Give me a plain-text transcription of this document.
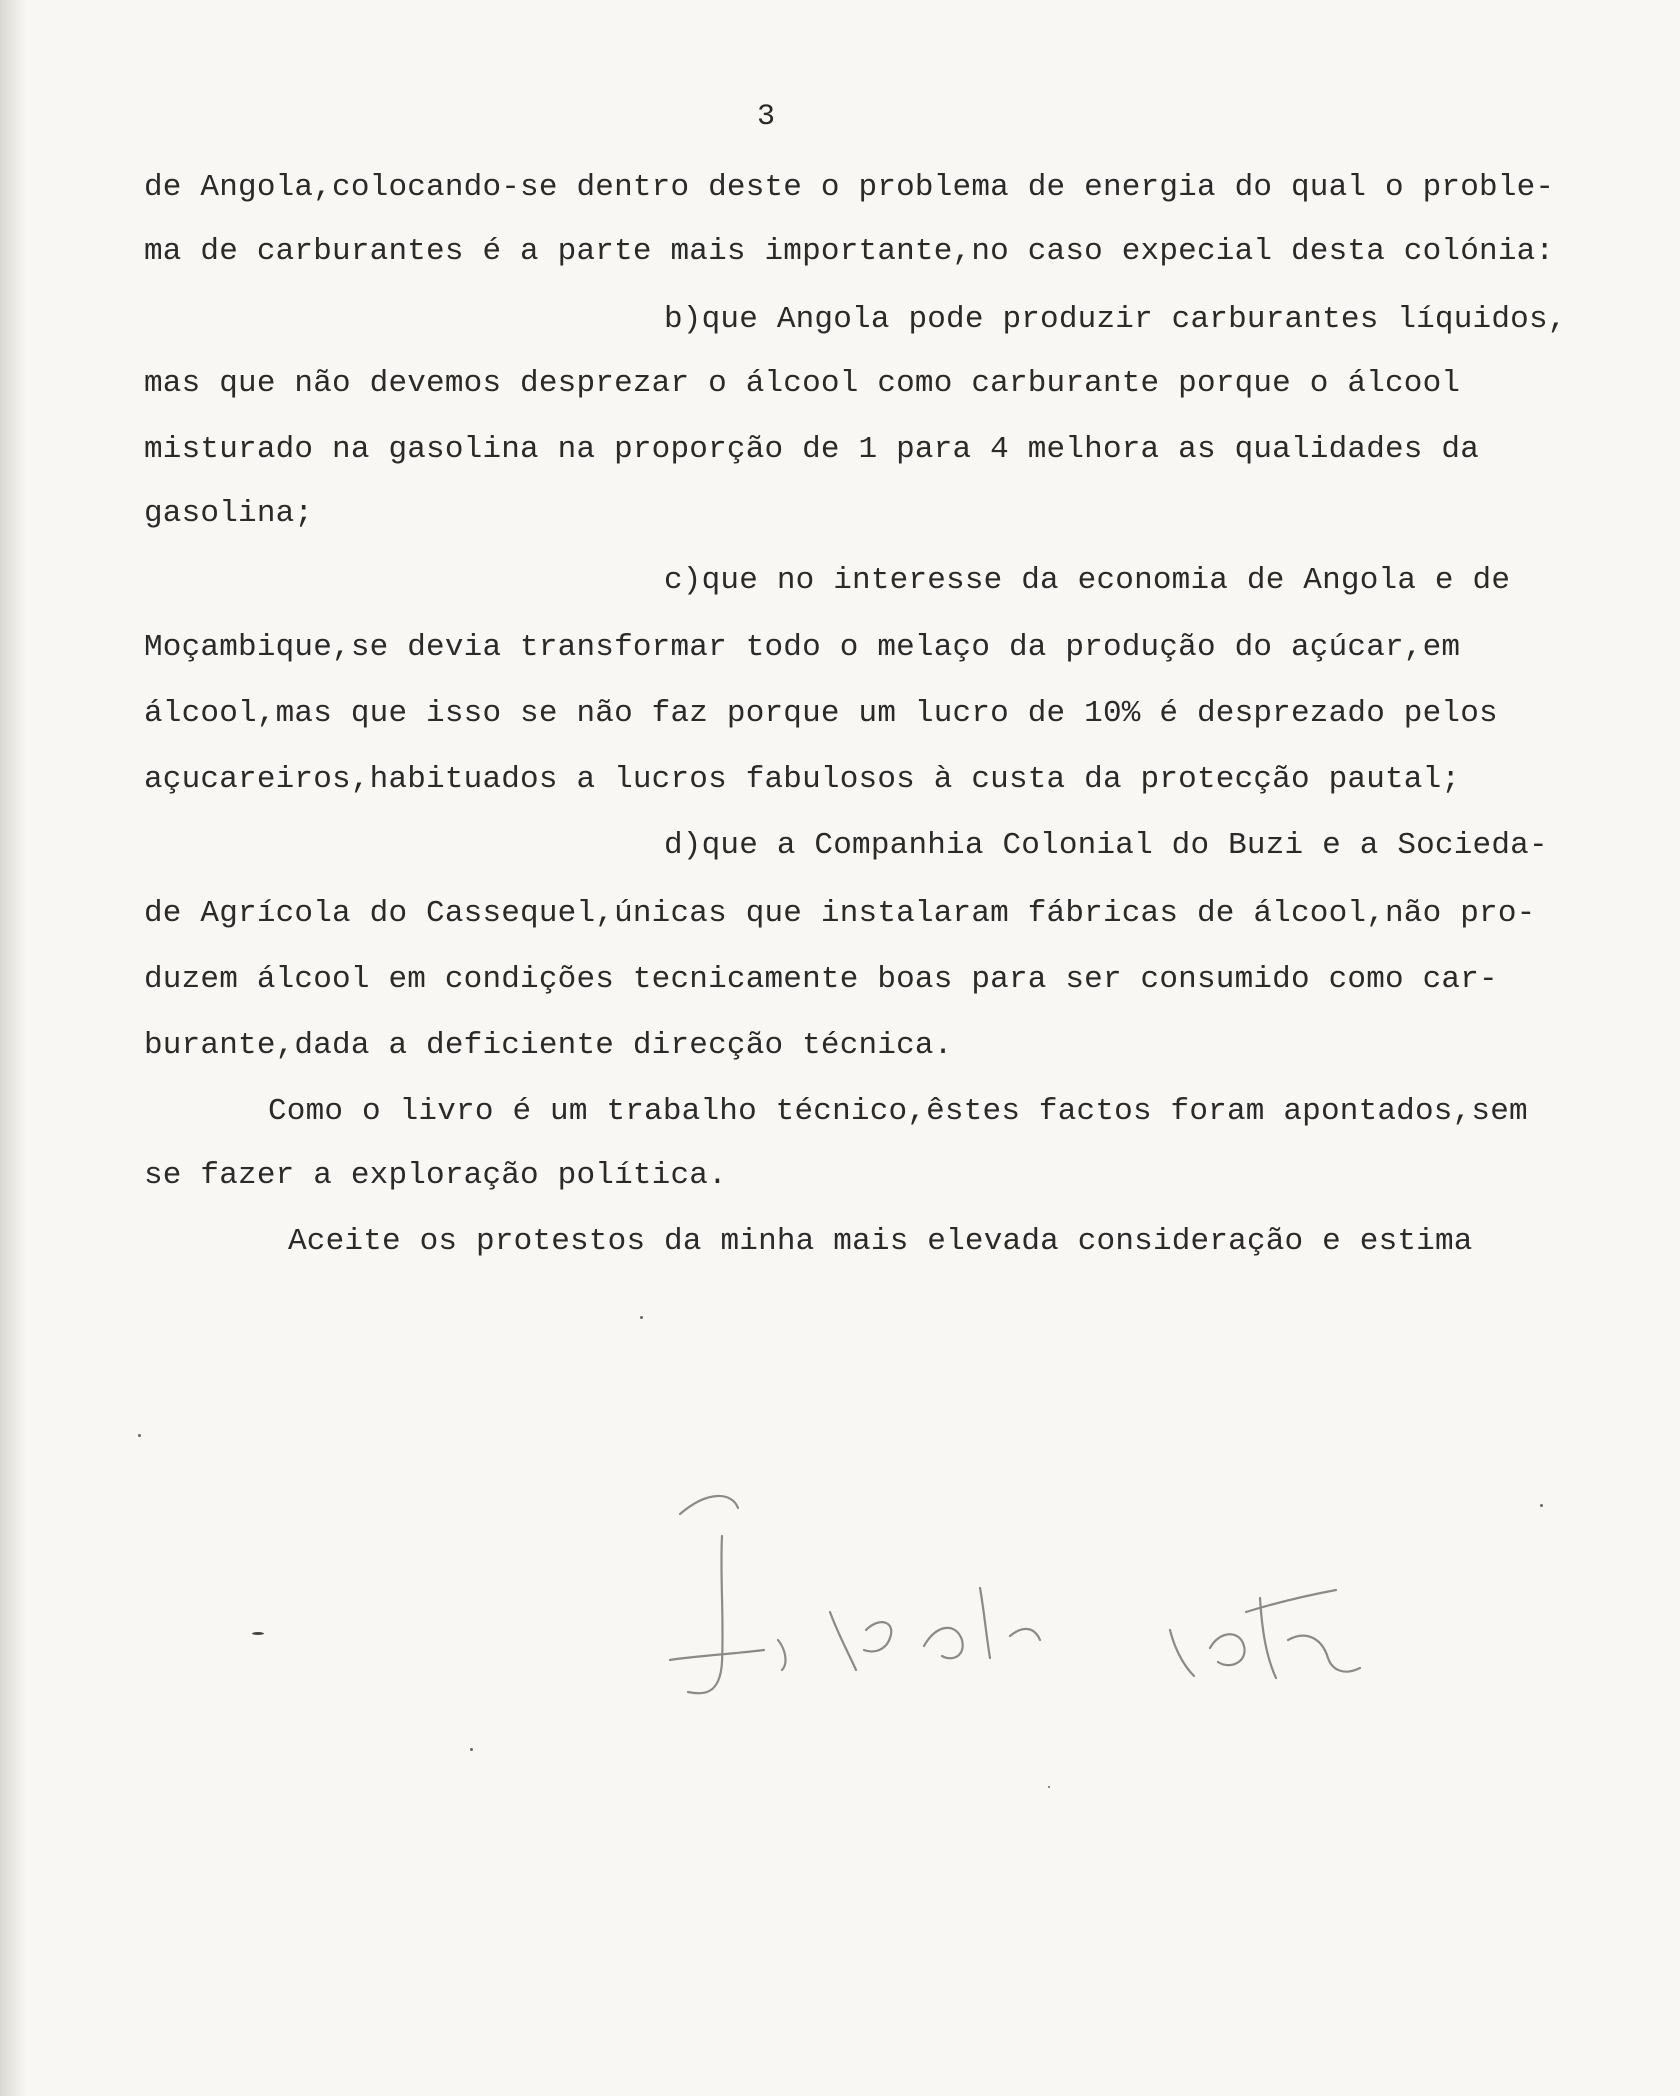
3
de Angola,colocando-se dentro deste o problema de energia do qual o proble-
ma de carburantes é a parte mais importante,no caso expecial desta colónia:
b)que Angola pode produzir carburantes líquidos,
mas que não devemos desprezar o álcool como carburante porque o álcool
misturado na gasolina na proporção de 1 para 4 melhora as qualidades da
gasolina;
c)que no interesse da economia de Angola e de
Moçambique,se devia transformar todo o melaço da produção do açúcar,em
álcool,mas que isso se não faz porque um lucro de 10% é desprezado pelos
açucareiros,habituados a lucros fabulosos à custa da protecção pautal;
d)que a Companhia Colonial do Buzi e a Socieda-
de Agrícola do Cassequel,únicas que instalaram fábricas de álcool,não pro-
duzem álcool em condições tecnicamente boas para ser consumido como car-
burante,dada a deficiente direcção técnica.
Como o livro é um trabalho técnico,êstes factos foram apontados,sem
se fazer a exploração política.
Aceite os protestos da minha mais elevada consideração e estima
